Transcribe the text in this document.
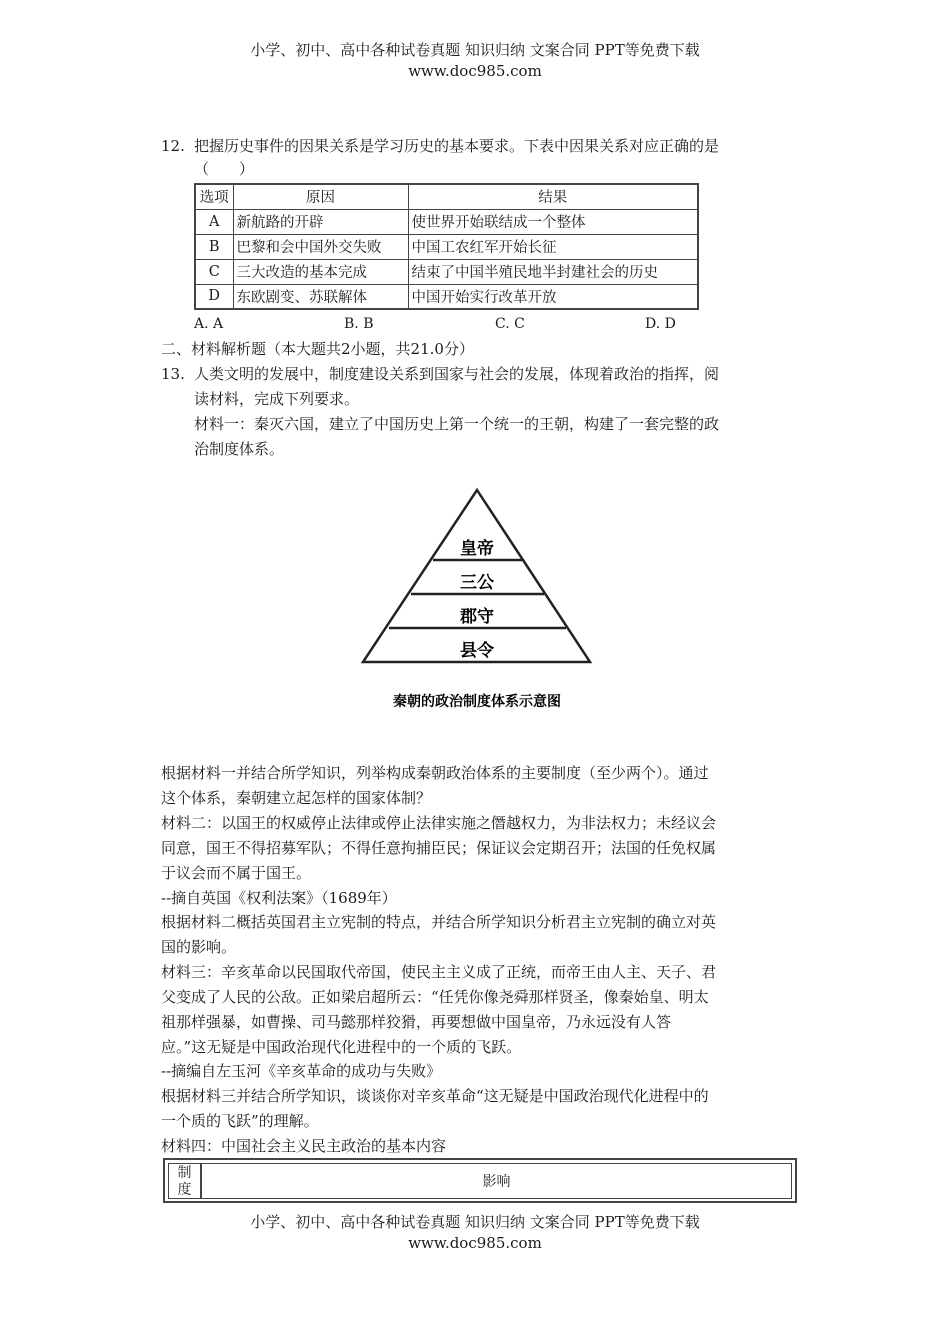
小学、初中、高中各种试卷真题 知识归纳 文案合同 PPT等免费下载
www.doc985.com
12. 把握历史事件的因果关系是学习历史的基本要求。下表中因果关系对应正确的是
（　　）
选项	原因	结果
A	新航路的开辟	使世界开始联结成一个整体
B	巴黎和会中国外交失败	中国工农红军开始长征
C	三大改造的基本完成	结束了中国半殖民地半封建社会的历史
D	东欧剧变、苏联解体	中国开始实行改革开放
A. A	B. B	C. C	D. D
二、材料解析题（本大题共2小题，共21.0分）
13. 人类文明的发展中，制度建设关系到国家与社会的发展，体现着政治的指挥，阅
读材料，完成下列要求。
材料一：秦灭六国，建立了中国历史上第一个统一的王朝，构建了一套完整的政
治制度体系。
皇帝
三公
郡守
县令
秦朝的政治制度体系示意图
根据材料一并结合所学知识，列举构成秦朝政治体系的主要制度（至少两个）。通过
这个体系，秦朝建立起怎样的国家体制？
材料二：以国王的权威停止法律或停止法律实施之僭越权力，为非法权力；未经议会
同意，国王不得招募军队；不得任意拘捕臣民；保证议会定期召开；法国的任免权属
于议会而不属于国王。
--摘自英国《权利法案》（1689年）
根据材料二概括英国君主立宪制的特点，并结合所学知识分析君主立宪制的确立对英
国的影响。
材料三：辛亥革命以民国取代帝国，使民主主义成了正统，而帝王由人主、天子、君
父变成了人民的公敌。正如梁启超所云：“任凭你像尧舜那样贤圣，像秦始皇、明太
祖那样强暴，如曹操、司马懿那样狡猾，再要想做中国皇帝，乃永远没有人答
应。”这无疑是中国政治现代化进程中的一个质的飞跃。
--摘编自左玉河《辛亥革命的成功与失败》
根据材料三并结合所学知识，谈谈你对辛亥革命“这无疑是中国政治现代化进程中的
一个质的飞跃”的理解。
材料四：中国社会主义民主政治的基本内容
制
度	影响
小学、初中、高中各种试卷真题 知识归纳 文案合同 PPT等免费下载
www.doc985.com
